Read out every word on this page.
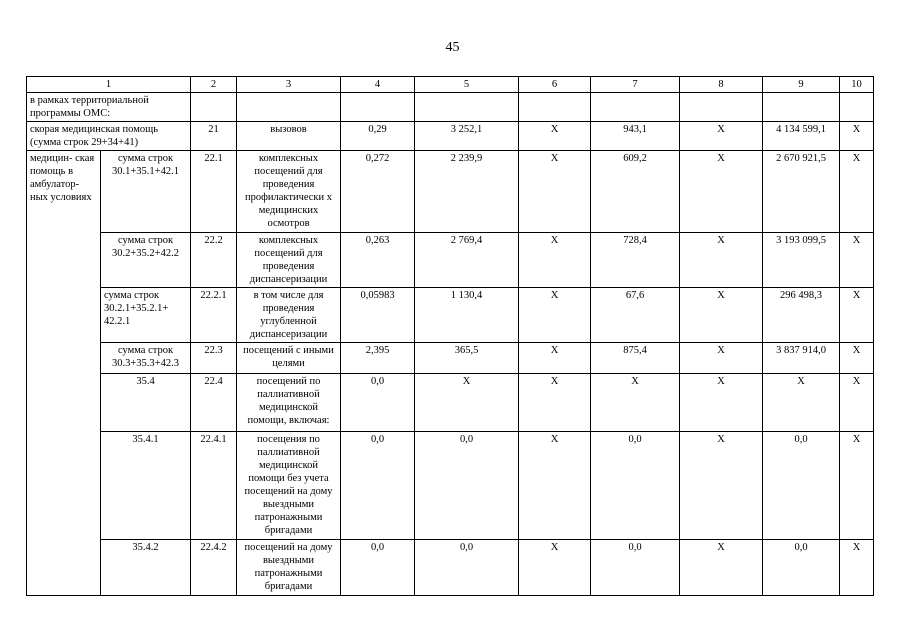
45
1		2	3	4	5	6	7	8	9	10
в рамках территориальной программы ОМС:										
скорая медицинская помощь (сумма строк 29+34+41)		21	вызовов	0,29	3 252,1	X	943,1	X	4 134 599,1	X
медицин- ская помощь в амбулатор- ных условиях	сумма строк 30.1+35.1+42.1	22.1	комплексных посещений для проведения профилактически х медицинских осмотров	0,272	2 239,9	X	609,2	X	2 670 921,5	X
	сумма строк 30.2+35.2+42.2	22.2	комплексных посещений для проведения диспансеризации	0,263	2 769,4	X	728,4	X	3 193 099,5	X
	сумма строк 30.2.1+35.2.1+ 42.2.1	22.2.1	в том числе для проведения углубленной диспансеризации	0,05983	1 130,4	X	67,6	X	296 498,3	X
	сумма строк 30.3+35.3+42.3	22.3	посещений с иными целями	2,395	365,5	X	875,4	X	3 837 914,0	X
	35.4	22.4	посещений по паллиативной медицинской помощи, включая:	0,0	X	X	X	X	X	X
	35.4.1	22.4.1	посещения по паллиативной медицинской помощи без учета посещений на дому выездными патронажными бригадами	0,0	0,0	X	0,0	X	0,0	X
	35.4.2	22.4.2	посещений на дому выездными патронажными бригадами	0,0	0,0	X	0,0	X	0,0	X
